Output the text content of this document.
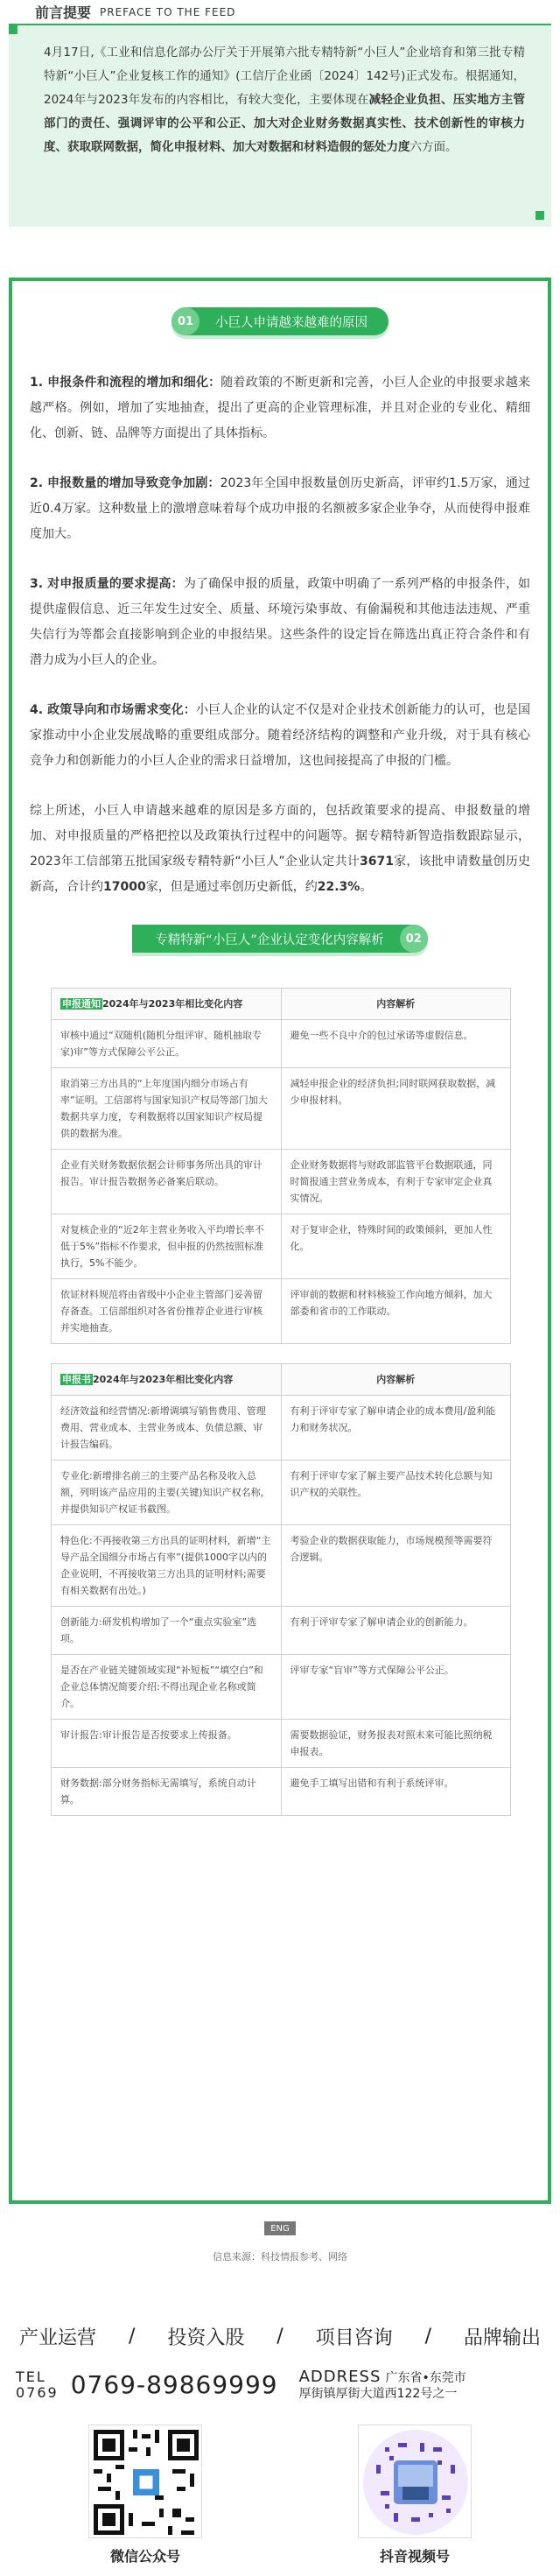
前言提要 PREFACE TO THE FEED

4月17日,《工业和信息化部办公厅关于开展第六批专精特新“小巨人”企业培育和第三批专精特新“小巨人”企业复核工作的通知》(工信厅企业函〔2024〕142号)正式发布。根据通知，2024年与2023年发布的内容相比，有较大变化，主要体现在减轻企业负担、压实地方主管部门的责任、强调评审的公平和公正、加大对企业财务数据真实性、技术创新性的审核力度、获取联网数据，简化申报材料、加大对数据和材料造假的惩处力度六方面。

01	小巨人申请越来越难的原因

1. 申报条件和流程的增加和细化：随着政策的不断更新和完善，小巨人企业的申报要求越来越严格。例如，增加了实地抽查，提出了更高的企业管理标准，并且对企业的专业化、精细化、创新、链、品牌等方面提出了具体指标。

2. 申报数量的增加导致竞争加剧：2023年全国申报数量创历史新高，评审约1.5万家，通过近0.4万家。这种数量上的激增意味着每个成功申报的名额被多家企业争夺，从而使得申报难度加大。

3. 对申报质量的要求提高：为了确保申报的质量，政策中明确了一系列严格的申报条件，如提供虚假信息、近三年发生过安全、质量、环境污染事故、有偷漏税和其他违法违规、严重失信行为等都会直接影响到企业的申报结果。这些条件的设定旨在筛选出真正符合条件和有潜力成为小巨人的企业。

4. 政策导向和市场需求变化：小巨人企业的认定不仅是对企业技术创新能力的认可，也是国家推动中小企业发展战略的重要组成部分。随着经济结构的调整和产业升级，对于具有核心竞争力和创新能力的小巨人企业的需求日益增加，这也间接提高了申报的门槛。

综上所述，小巨人申请越来越难的原因是多方面的，包括政策要求的提高、申报数量的增加、对申报质量的严格把控以及政策执行过程中的问题等。据专精特新智造指数跟踪显示，2023年工信部第五批国家级专精特新“小巨人”企业认定共计3671家，该批申请数量创历史新高，合计约17000家，但是通过率创历史新低，约22.3%。

专精特新“小巨人”企业认定变化内容解析	02
申报通知 2024年与2023年相比变化内容	内容解析
审核中通过“双随机(随机分组评审、随机抽取专家)审”等方式保障公平公正。	避免一些不良中介的包过承诺等虚假信息。
取消第三方出具的“上年度国内细分市场占有率”证明。工信部将与国家知识产权局等部门加大数据共享力度，专利数据将以国家知识产权局提供的数据为准。	减轻申报企业的经济负担;同时联网获取数据，减少申报材料。
企业有关财务数据依据会计师事务所出具的审计报告。审计报告数据务必备案后联动。	企业财务数据将与财政部监管平台数据联通，同时简报通主营业务成本，有利于专家审定企业真实情况。
对复核企业的“近2年主营业务收入平均增长率不低于5%”指标不作要求，但申报的仍然按照标准执行，5%不能少。	对于复审企业，特殊时间的政策倾斜，更加人性化。
依证材料规范将由省级中小企业主管部门妥善留存备查。工信部组织对各省份推荐企业进行审核并实地抽查。	评审前的数据和材料核验工作向地方倾斜，加大部委和省市的工作联动。
申报书 2024年与2023年相比变化内容	内容解析
经济效益和经营情况:新增调填写销售费用、管理费用、营业成本、主营业务成本、负债总额、审计报告编码。	有利于评审专家了解申请企业的成本费用/盈利能力和财务状况。
专业化:新增排名前三的主要产品名称及收入总额，列明该产品应用的主要(关键)知识产权名称，并提供知识产权证书截图。	有利于评审专家了解主要产品技术转化总额与知识产权的关联性。
特色化:不再接收第三方出具的证明材料，新增“主导产品全国细分市场占有率”(提供1000字以内的企业说明，不再接收第三方出具的证明材料;需要有相关数据有出处。)	考验企业的数据获取能力，市场规模预等需要符合逻辑。
创新能力:研发机构增加了一个“重点实验室”选项。	有利于评审专家了解申请企业的创新能力。
是否在产业链关键领域实现“补短板”“填空白”和企业总体情况简要介绍:不得出现企业名称或简介。	评审专家“盲审”等方式保障公平公正。
审计报告:审计报告是否按要求上传报备。	需要数据验证，财务报表对照未来可能比照纳税申报表。
财务数据:部分财务指标无需填写，系统自动计算。	避免手工填写出错和有利于系统评审。
ENG
信息来源：科技情报参考、网络
产业运营 / 投资入股 / 项目咨询 / 品牌输出
TEL
0769 0769-89869999 ADDRESS 广东省•东莞市
厚街镇厚街大道西122号之一
微信公众号	抖音视频号
